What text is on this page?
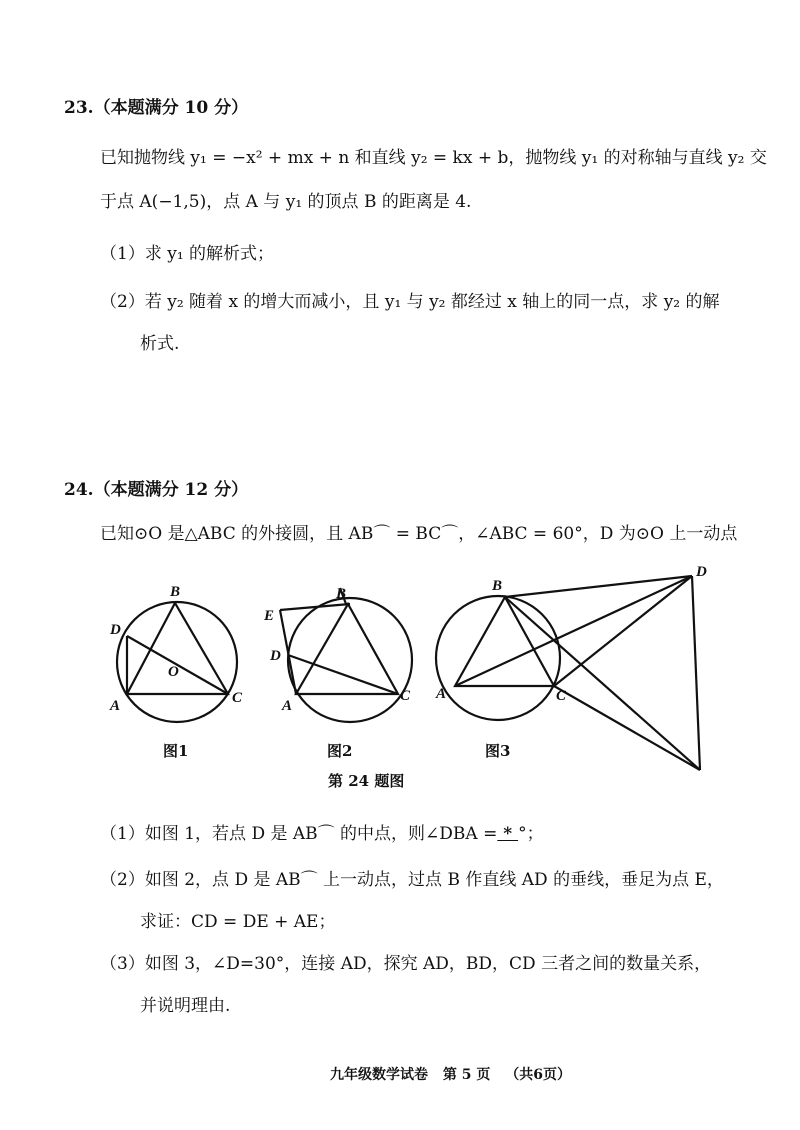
23.（本题满分 10 分）
已知抛物线 y₁ = −x² + mx + n 和直线 y₂ = kx + b，抛物线 y₁ 的对称轴与直线 y₂ 交
于点 A(−1,5)，点 A 与 y₁ 的顶点 B 的距离是 4.
（1）求 y₁ 的解析式；
（2）若 y₂ 随着 x 的增大而减小，且 y₁ 与 y₂ 都经过 x 轴上的同一点，求 y₂ 的解
析式.
24.（本题满分 12 分）
已知⊙O 是△ABC 的外接圆，且 AB⌒ = BC⌒，∠ABC = 60°，D 为⊙O 上一动点
A
B
C
D
O
A
B
C
D
E
A
B
C
D
图1	图2	图3
第 24 题图
（1）如图 1，若点 D 是 AB⌒ 的中点，则∠DBA = * °；
（2）如图 2，点 D 是 AB⌒ 上一动点，过点 B 作直线 AD 的垂线，垂足为点 E，
求证：CD = DE + AE；
（3）如图 3，∠D=30°，连接 AD，探究 AD，BD，CD 三者之间的数量关系，
并说明理由.
九年级数学试卷 第 5 页 （共6页）
